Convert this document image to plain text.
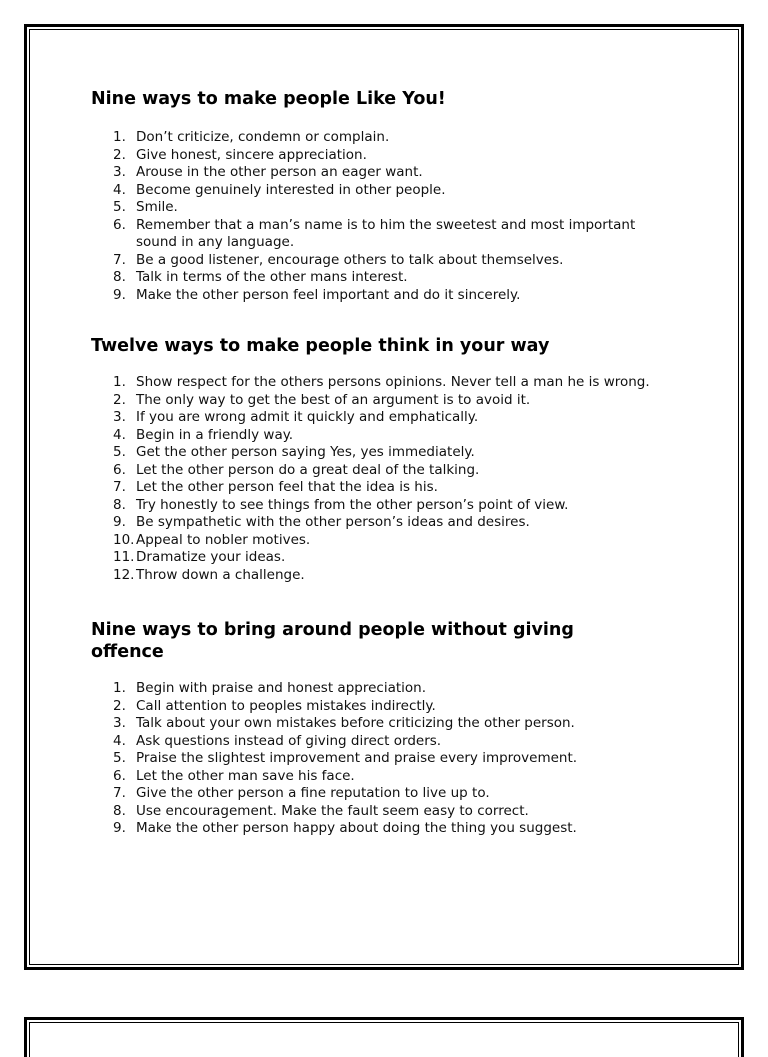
Nine ways to make people Like You!
1. Don’t criticize, condemn or complain.
2. Give honest, sincere appreciation.
3. Arouse in the other person an eager want.
4. Become genuinely interested in other people.
5. Smile.
6. Remember that a man’s name is to him the sweetest and most important sound in any language.
7. Be a good listener, encourage others to talk about themselves.
8. Talk in terms of the other mans interest.
9. Make the other person feel important and do it sincerely.
Twelve ways to make people think in your way
1. Show respect for the others persons opinions. Never tell a man he is wrong.
2. The only way to get the best of an argument is to avoid it.
3. If you are wrong admit it quickly and emphatically.
4. Begin in a friendly way.
5. Get the other person saying Yes, yes immediately.
6. Let the other person do a great deal of the talking.
7. Let the other person feel that the idea is his.
8. Try honestly to see things from the other person’s point of view.
9. Be sympathetic with the other person’s ideas and desires.
10. Appeal to nobler motives.
11. Dramatize your ideas.
12. Throw down a challenge.
Nine ways to bring around people without giving offence
1. Begin with praise and honest appreciation.
2. Call attention to peoples mistakes indirectly.
3. Talk about your own mistakes before criticizing the other person.
4. Ask questions instead of giving direct orders.
5. Praise the slightest improvement and praise every improvement.
6. Let the other man save his face.
7. Give the other person a fine reputation to live up to.
8. Use encouragement. Make the fault seem easy to correct.
9. Make the other person happy about doing the thing you suggest.
